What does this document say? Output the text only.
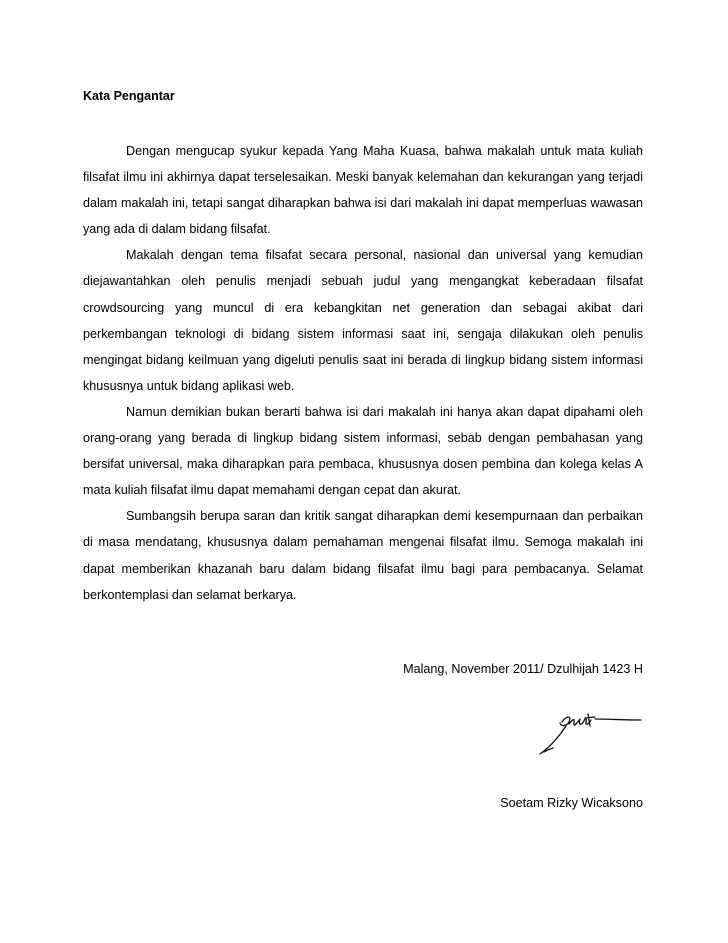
Kata Pengantar

Dengan mengucap syukur kepada Yang Maha Kuasa, bahwa makalah untuk mata kuliah filsafat ilmu ini akhirnya dapat terselesaikan. Meski banyak kelemahan dan kekurangan yang terjadi dalam makalah ini, tetapi sangat diharapkan bahwa isi dari makalah ini dapat memperluas wawasan yang ada di dalam bidang filsafat.

Makalah dengan tema filsafat secara personal, nasional dan universal yang kemudian diejawantahkan oleh penulis menjadi sebuah judul yang mengangkat keberadaan filsafat crowdsourcing yang muncul di era kebangkitan net generation dan sebagai akibat dari perkembangan teknologi di bidang sistem informasi saat ini, sengaja dilakukan oleh penulis mengingat bidang keilmuan yang digeluti penulis saat ini berada di lingkup bidang sistem informasi khususnya untuk bidang aplikasi web.

Namun demikian bukan berarti bahwa isi dari makalah ini hanya akan dapat dipahami oleh orang-orang yang berada di lingkup bidang sistem informasi, sebab dengan pembahasan yang bersifat universal, maka diharapkan para pembaca, khususnya dosen pembina dan kolega kelas A mata kuliah filsafat ilmu dapat memahami dengan cepat dan akurat.

Sumbangsih berupa saran dan kritik sangat diharapkan demi kesempurnaan dan perbaikan di masa mendatang, khususnya dalam pemahaman mengenai filsafat ilmu. Semoga makalah ini dapat memberikan khazanah baru dalam bidang filsafat ilmu bagi para pembacanya. Selamat berkontemplasi dan selamat berkarya.

Malang, November 2011/ Dzulhijah 1423 H
Soetam Rizky Wicaksono
